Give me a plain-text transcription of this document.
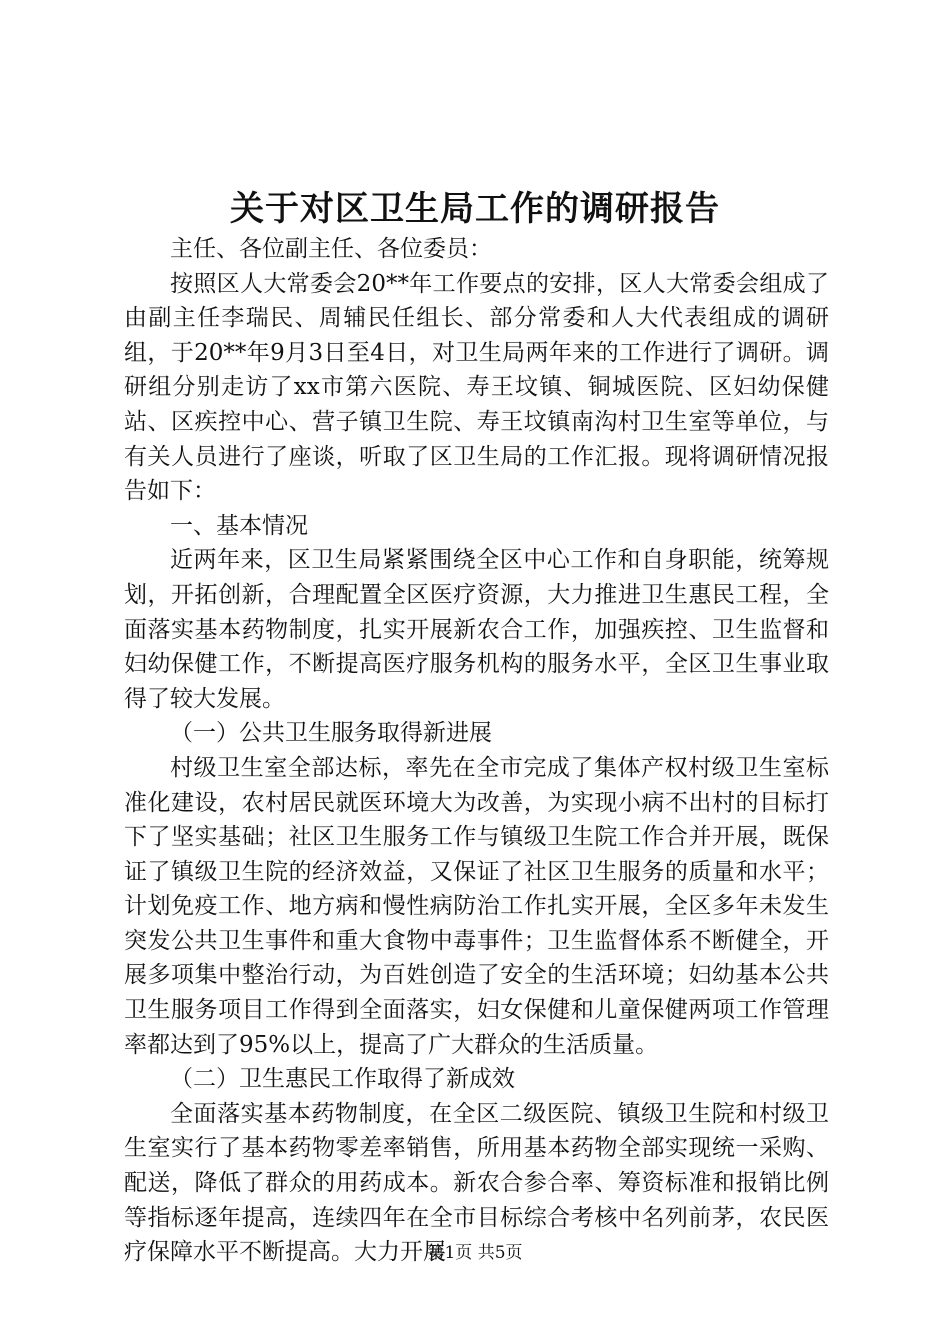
关于对区卫生局工作的调研报告

主任、各位副主任、各位委员：

按照区人大常委会20**年工作要点的安排，区人大常委会组成了由副主任李瑞民、周辅民任组长、部分常委和人大代表组成的调研组，于20**年9月3日至4日，对卫生局两年来的工作进行了调研。调研组分别走访了xx市第六医院、寿王坟镇、铜城医院、区妇幼保健站、区疾控中心、营子镇卫生院、寿王坟镇南沟村卫生室等单位，与有关人员进行了座谈，听取了区卫生局的工作汇报。现将调研情况报告如下：

一、基本情况

近两年来，区卫生局紧紧围绕全区中心工作和自身职能，统筹规划，开拓创新，合理配置全区医疗资源，大力推进卫生惠民工程，全面落实基本药物制度，扎实开展新农合工作，加强疾控、卫生监督和妇幼保健工作，不断提高医疗服务机构的服务水平，全区卫生事业取得了较大发展。

（一）公共卫生服务取得新进展

村级卫生室全部达标，率先在全市完成了集体产权村级卫生室标准化建设，农村居民就医环境大为改善，为实现小病不出村的目标打下了坚实基础；社区卫生服务工作与镇级卫生院工作合并开展，既保证了镇级卫生院的经济效益，又保证了社区卫生服务的质量和水平；计划免疫工作、地方病和慢性病防治工作扎实开展，全区多年未发生突发公共卫生事件和重大食物中毒事件；卫生监督体系不断健全，开展多项集中整治行动，为百姓创造了安全的生活环境；妇幼基本公共卫生服务项目工作得到全面落实，妇女保健和儿童保健两项工作管理率都达到了95%以上，提高了广大群众的生活质量。

（二）卫生惠民工作取得了新成效

全面落实基本药物制度，在全区二级医院、镇级卫生院和村级卫生室实行了基本药物零差率销售，所用基本药物全部实现统一采购、配送，降低了群众的用药成本。新农合参合率、筹资标准和报销比例等指标逐年提高，连续四年在全市目标综合考核中名列前茅，农民医疗保障水平不断提高。大力开展

第1页 共5页
